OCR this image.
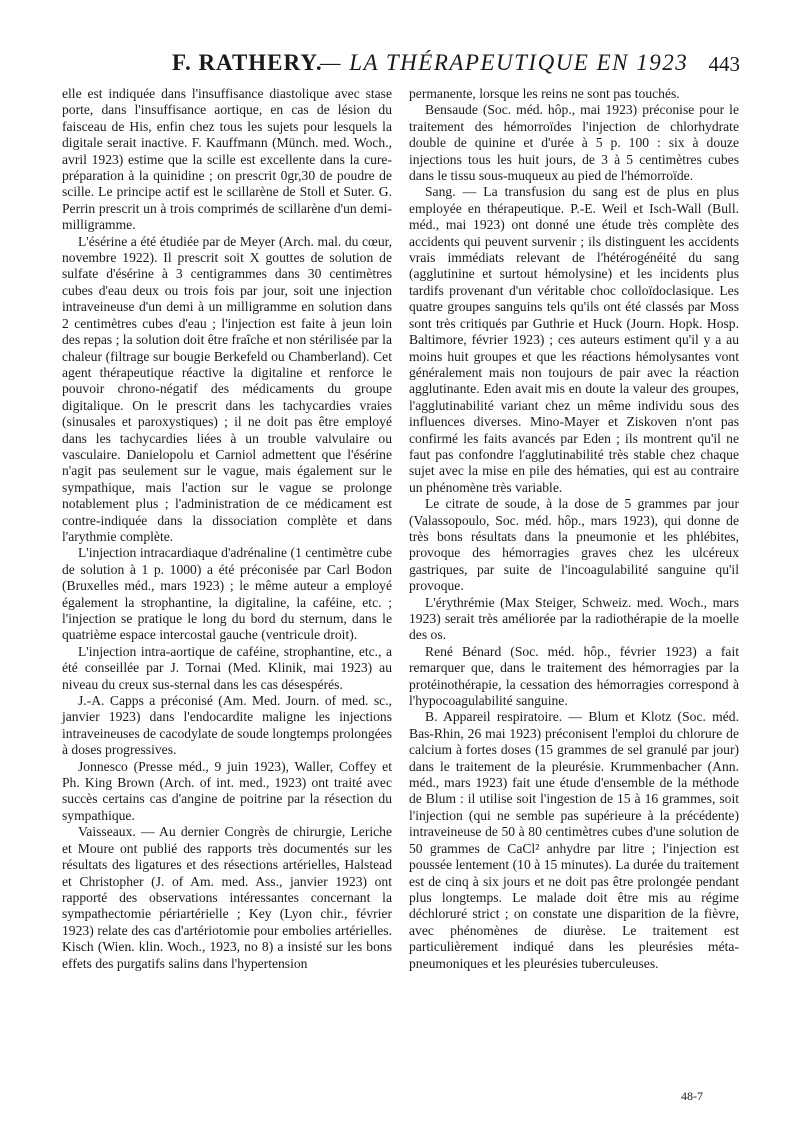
F. RATHERY.
— LA THÉRAPEUTIQUE EN 1923 443

elle est indiquée dans l'insuffisance diastolique avec stase porte, dans l'insuffisance aortique, en cas de lésion du faisceau de His, enfin chez tous les sujets pour lesquels la digitale serait inactive. F. Kauffmann (Münch. med. Woch., avril 1923) estime que la scille est excellente dans la cure-préparation à la quinidine ; on prescrit 0gr,30 de poudre de scille. Le principe actif est le scillarène de Stoll et Suter. G. Perrin prescrit un à trois comprimés de scillarène d'un demi-milligramme.

L'ésérine a été étudiée par de Meyer (Arch. mal. du cœur, novembre 1922). Il prescrit soit X gouttes de solution de sulfate d'ésérine à 3 centigrammes dans 30 centimètres cubes d'eau deux ou trois fois par jour, soit une injection intraveineuse d'un demi à un milligramme en solution dans 2 centimètres cubes d'eau ; l'injection est faite à jeun loin des repas ; la solution doit être fraîche et non stérilisée par la chaleur (filtrage sur bougie Berkefeld ou Chamberland). Cet agent thérapeutique réactive la digitaline et renforce le pouvoir chrono-négatif des médicaments du groupe digitalique. On le prescrit dans les tachycardies vraies (sinusales et paroxystiques) ; il ne doit pas être employé dans les tachycardies liées à un trouble valvulaire ou vasculaire. Danielopolu et Carniol admettent que l'ésérine n'agit pas seulement sur le vague, mais également sur le sympathique, mais l'action sur le vague se prolonge notablement plus ; l'administration de ce médicament est contre-indiquée dans la dissociation complète et dans l'arythmie complète.

L'injection intracardiaque d'adrénaline (1 centimètre cube de solution à 1 p. 1000) a été préconisée par Carl Bodon (Bruxelles méd., mars 1923) ; le même auteur a employé également la strophantine, la digitaline, la caféine, etc. ; l'injection se pratique le long du bord du sternum, dans le quatrième espace intercostal gauche (ventricule droit).

L'injection intra-aortique de caféine, strophantine, etc., a été conseillée par J. Tornai (Med. Klinik, mai 1923) au niveau du creux sus-sternal dans les cas désespérés.

J.-A. Capps a préconisé (Am. Med. Journ. of med. sc., janvier 1923) dans l'endocardite maligne les injections intraveineuses de cacodylate de soude longtemps prolongées à doses progressives.

Jonnesco (Presse méd., 9 juin 1923), Waller, Coffey et Ph. King Brown (Arch. of int. med., 1923) ont traité avec succès certains cas d'angine de poitrine par la résection du sympathique.

Vaisseaux. — Au dernier Congrès de chirurgie, Leriche et Moure ont publié des rapports très documentés sur les résultats des ligatures et des résections artérielles, Halstead et Christopher (J. of Am. med. Ass., janvier 1923) ont rapporté des observations intéressantes concernant la sympathectomie périartérielle ; Key (Lyon chir., février 1923) relate des cas d'artériotomie pour embolies artérielles. Kisch (Wien. klin. Woch., 1923, no 8) a insisté sur les bons effets des purgatifs salins dans l'hypertension

permanente, lorsque les reins ne sont pas touchés.

Bensaude (Soc. méd. hôp., mai 1923) préconise pour le traitement des hémorroïdes l'injection de chlorhydrate double de quinine et d'urée à 5 p. 100 : six à douze injections tous les huit jours, de 3 à 5 centimètres cubes dans le tissu sous-muqueux au pied de l'hémorroïde.

Sang. — La transfusion du sang est de plus en plus employée en thérapeutique. P.-E. Weil et Isch-Wall (Bull. méd., mai 1923) ont donné une étude très complète des accidents qui peuvent survenir ; ils distinguent les accidents vrais immédiats relevant de l'hétérogénéité du sang (agglutinine et surtout hémolysine) et les incidents plus tardifs provenant d'un véritable choc colloïdoclasique. Les quatre groupes sanguins tels qu'ils ont été classés par Moss sont très critiqués par Guthrie et Huck (Journ. Hopk. Hosp. Baltimore, février 1923) ; ces auteurs estiment qu'il y a au moins huit groupes et que les réactions hémolysantes vont généralement mais non toujours de pair avec la réaction agglutinante. Eden avait mis en doute la valeur des groupes, l'agglutinabilité variant chez un même individu sous des influences diverses. Mino-Mayer et Ziskoven n'ont pas confirmé les faits avancés par Eden ; ils montrent qu'il ne faut pas confondre l'agglutinabilité très stable chez chaque sujet avec la mise en pile des hématies, qui est au contraire un phénomène très variable.

Le citrate de soude, à la dose de 5 grammes par jour (Valassopoulo, Soc. méd. hôp., mars 1923), qui donne de très bons résultats dans la pneumonie et les phlébites, provoque des hémorragies graves chez les ulcéreux gastriques, par suite de l'incoagulabilité sanguine qu'il provoque.

L'érythrémie (Max Steiger, Schweiz. med. Woch., mars 1923) serait très améliorée par la radiothérapie de la moelle des os.

René Bénard (Soc. méd. hôp., février 1923) a fait remarquer que, dans le traitement des hémorragies par la protéinothérapie, la cessation des hémorragies correspond à l'hypocoagulabilité sanguine.

B. Appareil respiratoire. — Blum et Klotz (Soc. méd. Bas-Rhin, 26 mai 1923) préconisent l'emploi du chlorure de calcium à fortes doses (15 grammes de sel granulé par jour) dans le traitement de la pleurésie. Krummenbacher (Ann. méd., mars 1923) fait une étude d'ensemble de la méthode de Blum : il utilise soit l'ingestion de 15 à 16 grammes, soit l'injection (qui ne semble pas supérieure à la précédente) intraveineuse de 50 à 80 centimètres cubes d'une solution de 50 grammes de CaCl² anhydre par litre ; l'injection est poussée lentement (10 à 15 minutes). La durée du traitement est de cinq à six jours et ne doit pas être prolongée pendant plus longtemps. Le malade doit être mis au régime déchloruré strict ; on constate une disparition de la fièvre, avec phénomènes de diurèse. Le traitement est particulièrement indiqué dans les pleurésies méta-pneumoniques et les pleurésies tuberculeuses.

48-7
